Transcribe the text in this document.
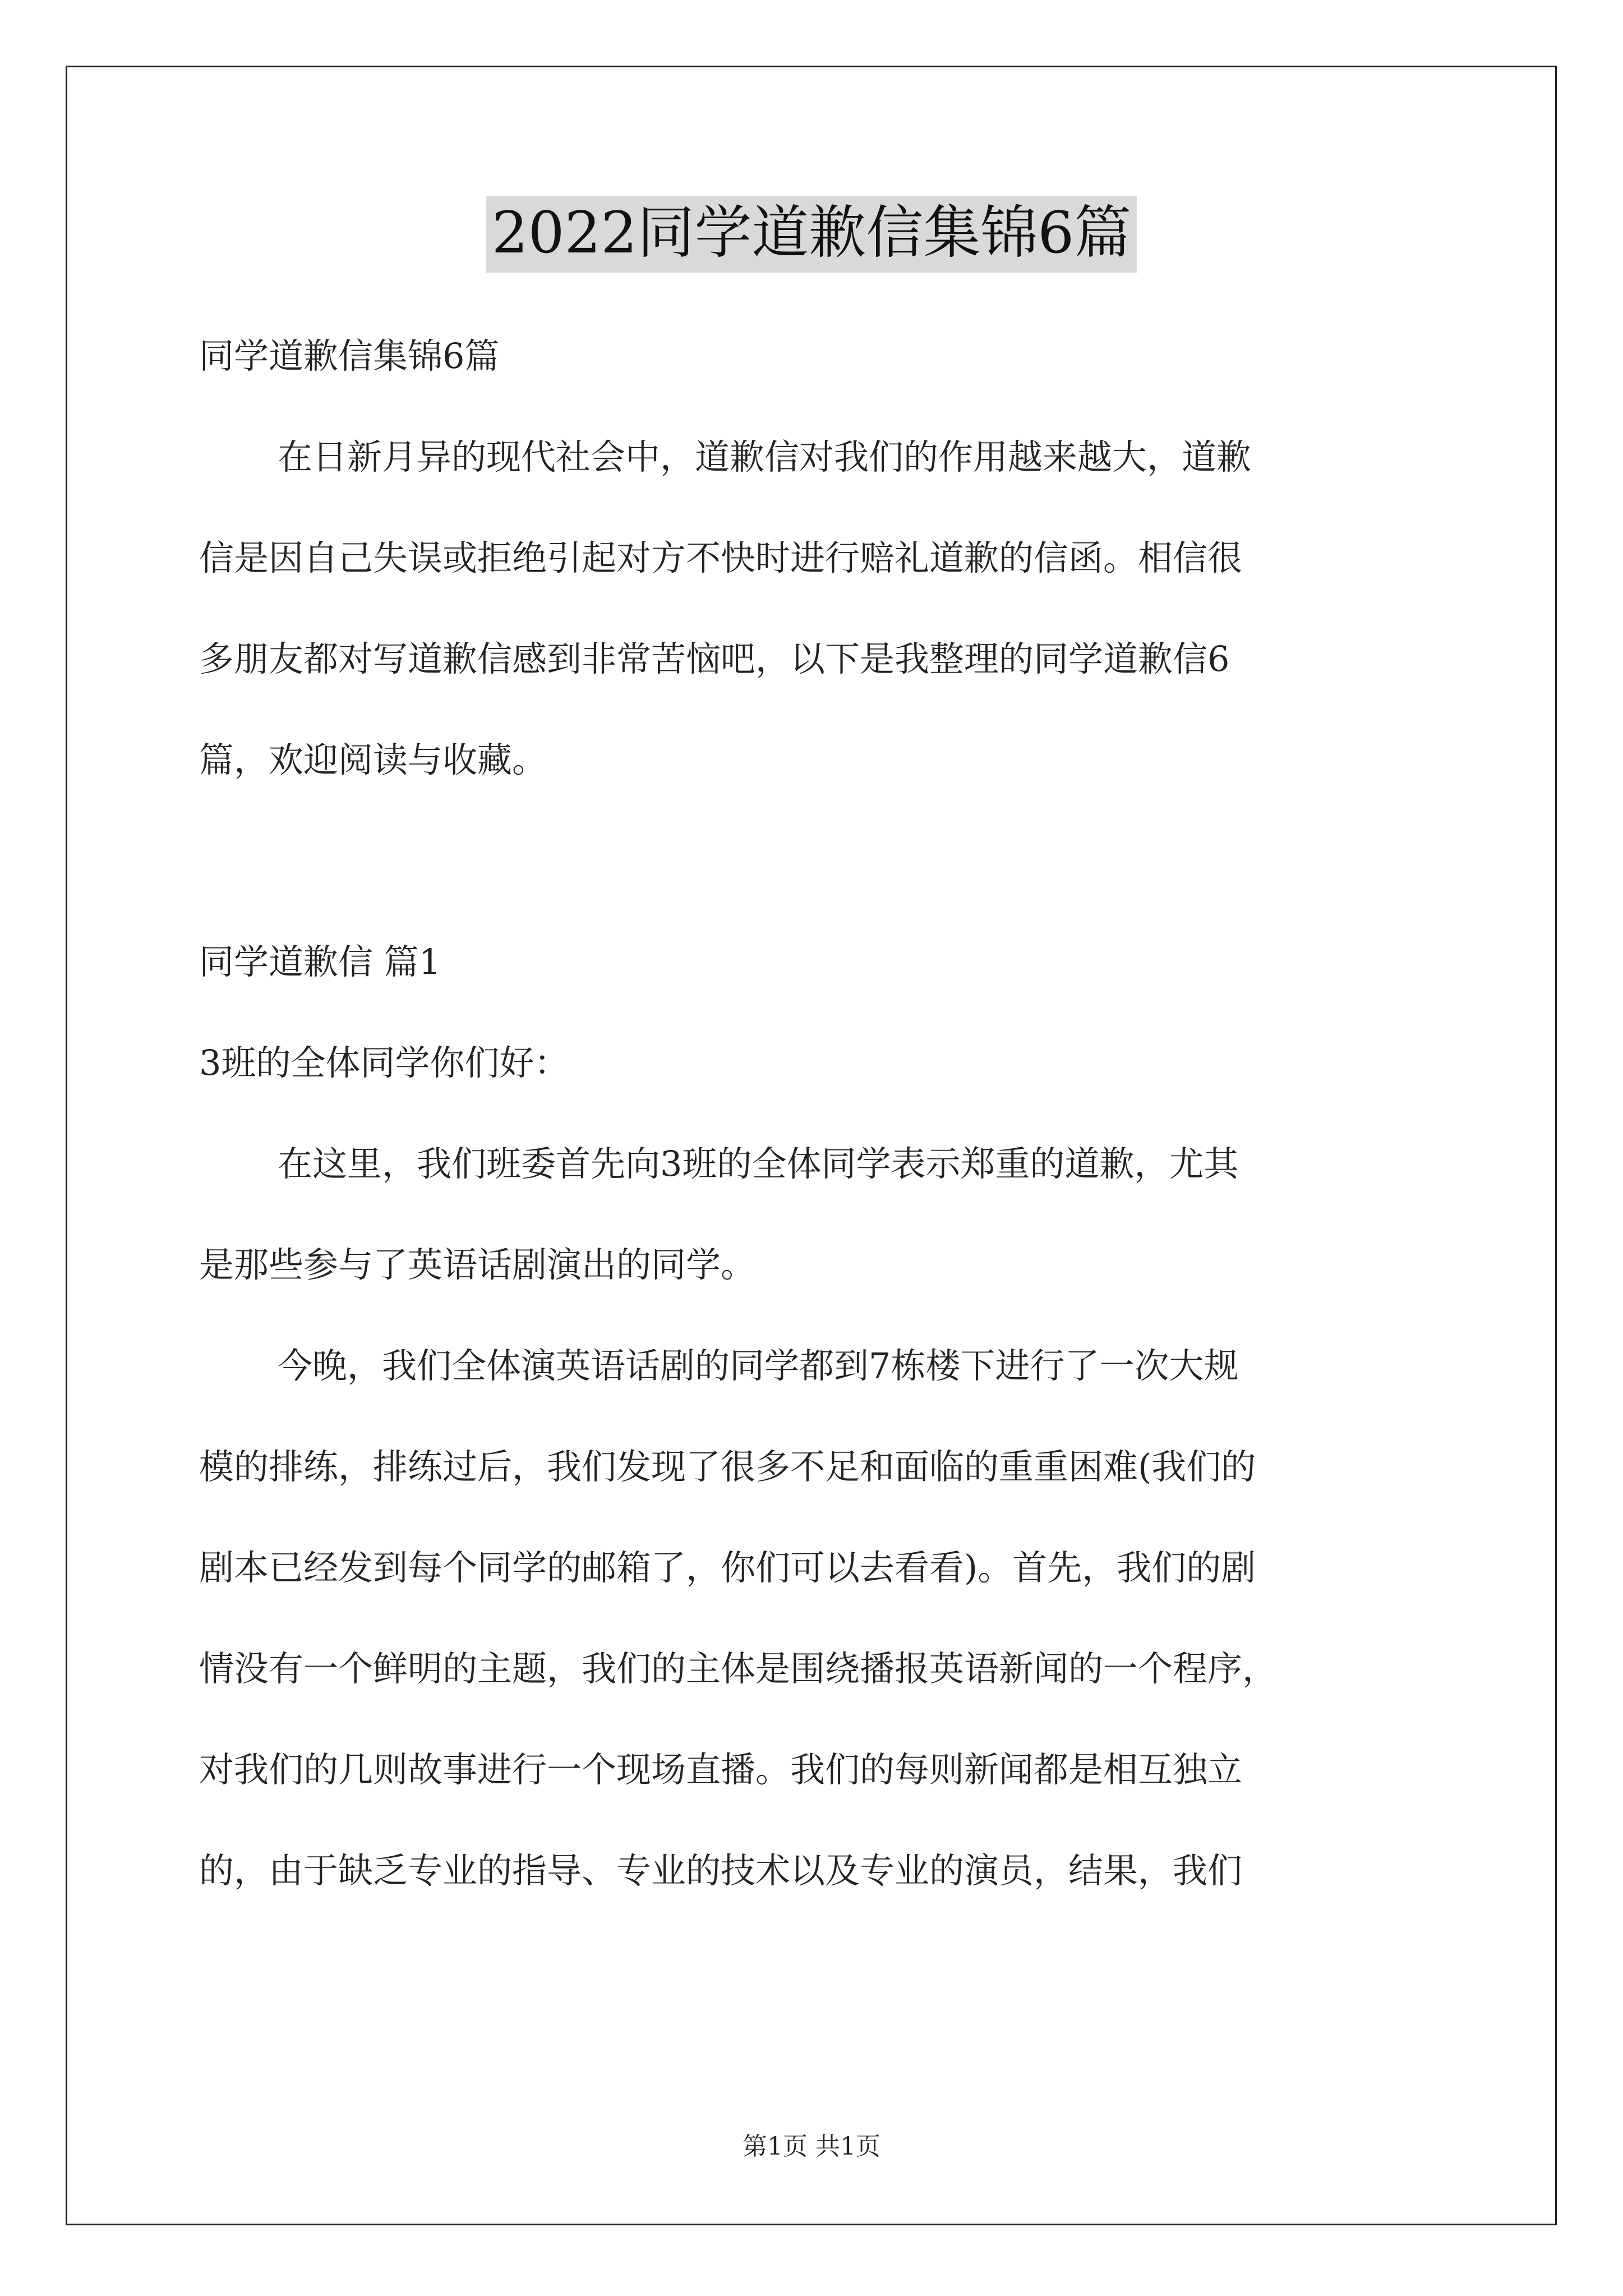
2022同学道歉信集锦6篇
同学道歉信集锦6篇
在日新月异的现代社会中，道歉信对我们的作用越来越大，道歉
信是因自己失误或拒绝引起对方不快时进行赔礼道歉的信函。相信很
多朋友都对写道歉信感到非常苦恼吧，以下是我整理的同学道歉信6
篇，欢迎阅读与收藏。
同学道歉信 篇1
3班的全体同学你们好：
在这里，我们班委首先向3班的全体同学表示郑重的道歉，尤其
是那些参与了英语话剧演出的同学。
今晚，我们全体演英语话剧的同学都到7栋楼下进行了一次大规
模的排练，排练过后，我们发现了很多不足和面临的重重困难(我们的
剧本已经发到每个同学的邮箱了，你们可以去看看)。首先，我们的剧
情没有一个鲜明的主题，我们的主体是围绕播报英语新闻的一个程序，
对我们的几则故事进行一个现场直播。我们的每则新闻都是相互独立
的，由于缺乏专业的指导、专业的技术以及专业的演员，结果，我们
第1页 共1页
